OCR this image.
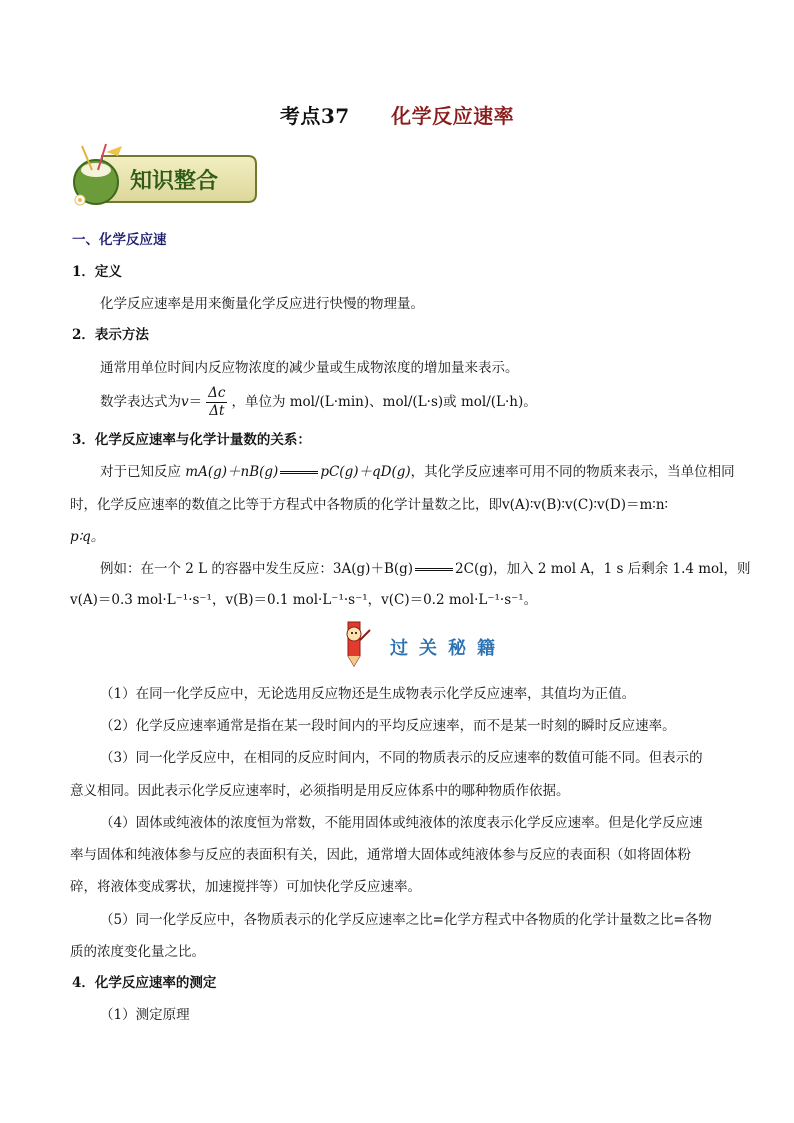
考点37 化学反应速率
知识整合
一、化学反应速
1．定义
化学反应速率是用来衡量化学反应进行快慢的物理量。
2．表示方法
通常用单位时间内反应物浓度的减少量或生成物浓度的增加量来表示。
数学表达式为$v= \frac{\Delta c}{\Delta t}$ ，单位为 mol/(L·min)、mol/(L·s)或 mol/(L·h)。
3．化学反应速率与化学计量数的关系：
对于已知反应 mA(g)＋nB(g)	pC(g)＋qD(g)，其化学反应速率可用不同的物质来表示，当单位相同
时，化学反应速率的数值之比等于方程式中各物质的化学计量数之比，即v(A)∶v(B)∶v(C)∶v(D)＝m∶n∶
p∶q。
例如：在一个 2 L 的容器中发生反应：3A(g)＋B(g)	2C(g)，加入 2 mol A，1 s 后剩余 1.4 mol，则
v(A)＝0.3 mol·L⁻¹·s⁻¹，v(B)＝0.1 mol·L⁻¹·s⁻¹，v(C)＝0.2 mol·L⁻¹·s⁻¹。
过关秘籍
（1）在同一化学反应中，无论选用反应物还是生成物表示化学反应速率，其值均为正值。
（2）化学反应速率通常是指在某一段时间内的平均反应速率，而不是某一时刻的瞬时反应速率。
（3）同一化学反应中，在相同的反应时间内，不同的物质表示的反应速率的数值可能不同。但表示的
意义相同。因此表示化学反应速率时，必须指明是用反应体系中的哪种物质作依据。
（4）固体或纯液体的浓度恒为常数，不能用固体或纯液体的浓度表示化学反应速率。但是化学反应速
率与固体和纯液体参与反应的表面积有关，因此，通常增大固体或纯液体参与反应的表面积（如将固体粉
碎，将液体变成雾状，加速搅拌等）可加快化学反应速率。
（5）同一化学反应中，各物质表示的化学反应速率之比=化学方程式中各物质的化学计量数之比=各物
质的浓度变化量之比。
4．化学反应速率的测定
（1）测定原理
